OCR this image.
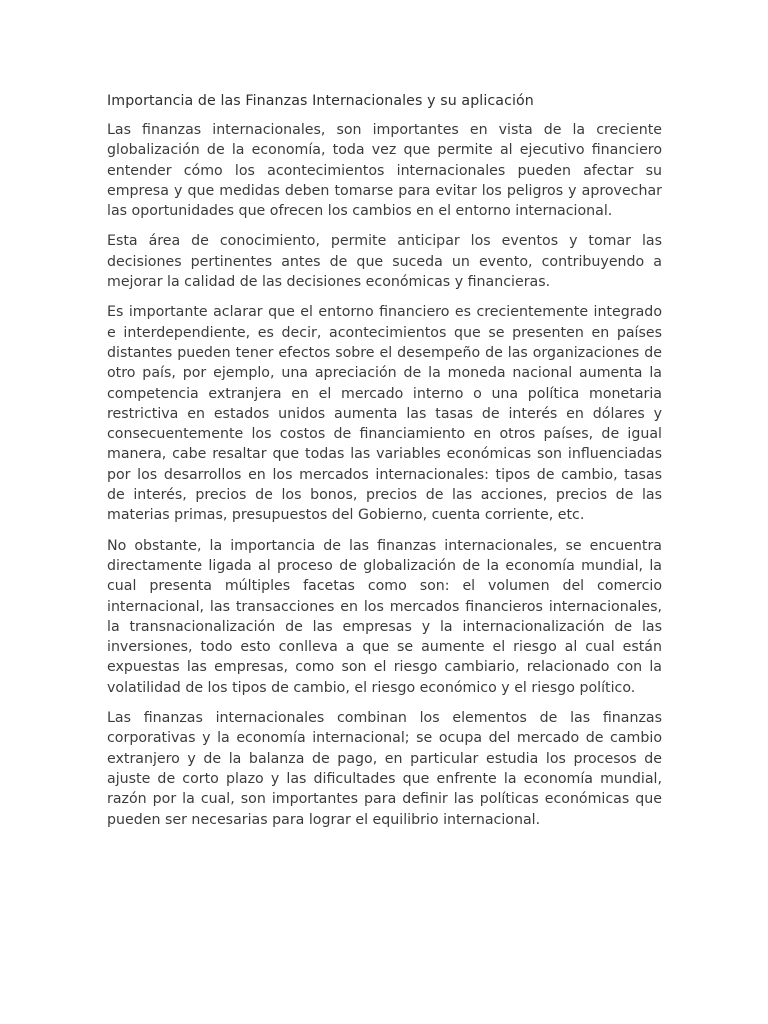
Importancia de las Finanzas Internacionales y su aplicación

Las finanzas internacionales, son importantes en vista de la creciente globalización de la economía, toda vez que permite al ejecutivo financiero entender cómo los acontecimientos internacionales pueden afectar su empresa y que medidas deben tomarse para evitar los peligros y aprovechar las oportunidades que ofrecen los cambios en el entorno internacional.

Esta área de conocimiento, permite anticipar los eventos y tomar las decisiones pertinentes antes de que suceda un evento, contribuyendo a mejorar la calidad de las decisiones económicas y financieras.

Es importante aclarar que el entorno financiero es crecientemente integrado e interdependiente, es decir, acontecimientos que se presenten en países distantes pueden tener efectos sobre el desempeño de las organizaciones de otro país, por ejemplo, una apreciación de la moneda nacional aumenta la competencia extranjera en el mercado interno o una política monetaria restrictiva en estados unidos aumenta las tasas de interés en dólares y consecuentemente los costos de financiamiento en otros países, de igual manera, cabe resaltar que todas las variables económicas son influenciadas por los desarrollos en los mercados internacionales: tipos de cambio, tasas de interés, precios de los bonos, precios de las acciones, precios de las materias primas, presupuestos del Gobierno, cuenta corriente, etc.

No obstante, la importancia de las finanzas internacionales, se encuentra directamente ligada al proceso de globalización de la economía mundial, la cual presenta múltiples facetas como son: el volumen del comercio internacional, las transacciones en los mercados financieros internacionales, la transnacionalización de las empresas y la internacionalización de las inversiones, todo esto conlleva a que se aumente el riesgo al cual están expuestas las empresas, como son el riesgo cambiario, relacionado con la volatilidad de los tipos de cambio, el riesgo económico y el riesgo político.

Las finanzas internacionales combinan los elementos de las finanzas corporativas y la economía internacional; se ocupa del mercado de cambio extranjero y de la balanza de pago, en particular estudia los procesos de ajuste de corto plazo y las dificultades que enfrente la economía mundial, razón por la cual, son importantes para definir las políticas económicas que pueden ser necesarias para lograr el equilibrio internacional.
